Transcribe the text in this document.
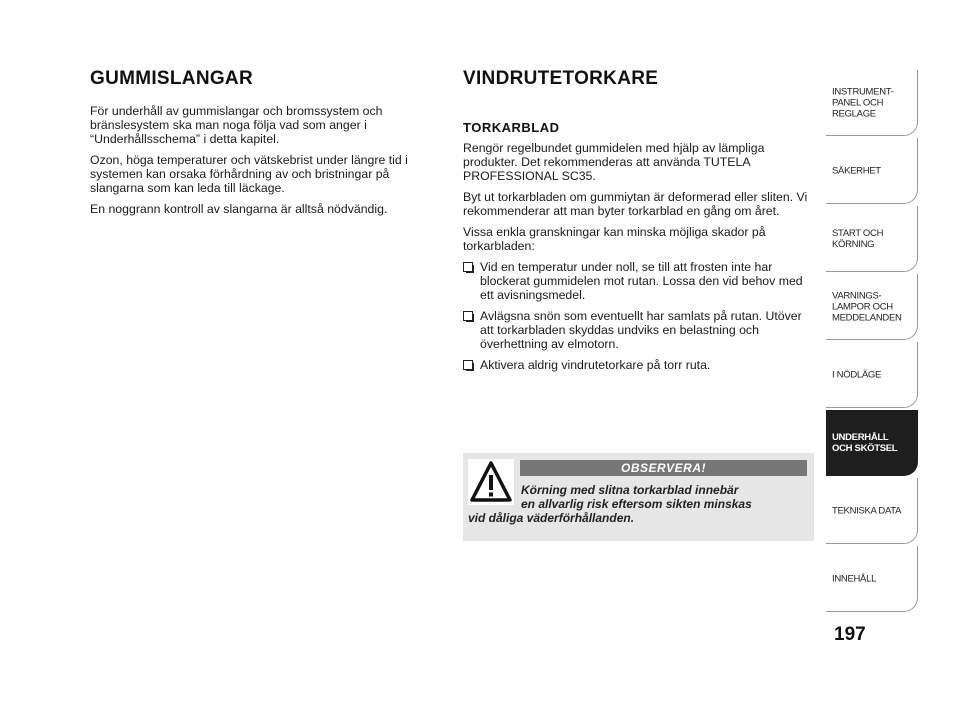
GUMMISLANGAR

För underhåll av gummislangar och bromssystem och bränslesystem ska man noga följa vad som anger i “Underhållsschema” i detta kapitel.

Ozon, höga temperaturer och vätskebrist under längre tid i systemen kan orsaka förhårdning av och bristningar på slangarna som kan leda till läckage.

En noggrann kontroll av slangarna är alltså nödvändig.

VINDRUTETORKARE
TORKARBLAD

Rengör regelbundet gummidelen med hjälp av lämpliga produkter. Det rekommenderas att använda TUTELA PROFESSIONAL SC35.

Byt ut torkarbladen om gummiytan är deformerad eller sliten. Vi rekommenderar att man byter torkarblad en gång om året.

Vissa enkla granskningar kan minska möjliga skador på torkarbladen:

Vid en temperatur under noll, se till att frosten inte har blockerat gummidelen mot rutan. Lossa den vid behov med ett avisningsmedel.
Avlägsna snön som eventuellt har samlats på rutan. Utöver att torkarbladen skyddas undviks en belastning och överhettning av elmotorn.
Aktivera aldrig vindrutetorkare på torr ruta.
OBSERVERA!
Körning med slitna torkarblad innebär
en allvarlig risk eftersom sikten minskas
vid dåliga väderförhållanden.
INSTRUMENT-
PANEL OCH
REGLAGE
SÄKERHET
START OCH
KÖRNING
VARNINGS-
LAMPOR OCH
MEDDELANDEN
I NÖDLÄGE
UNDERHÅLL
OCH SKÖTSEL
TEKNISKA DATA
INNEHÅLL
197
